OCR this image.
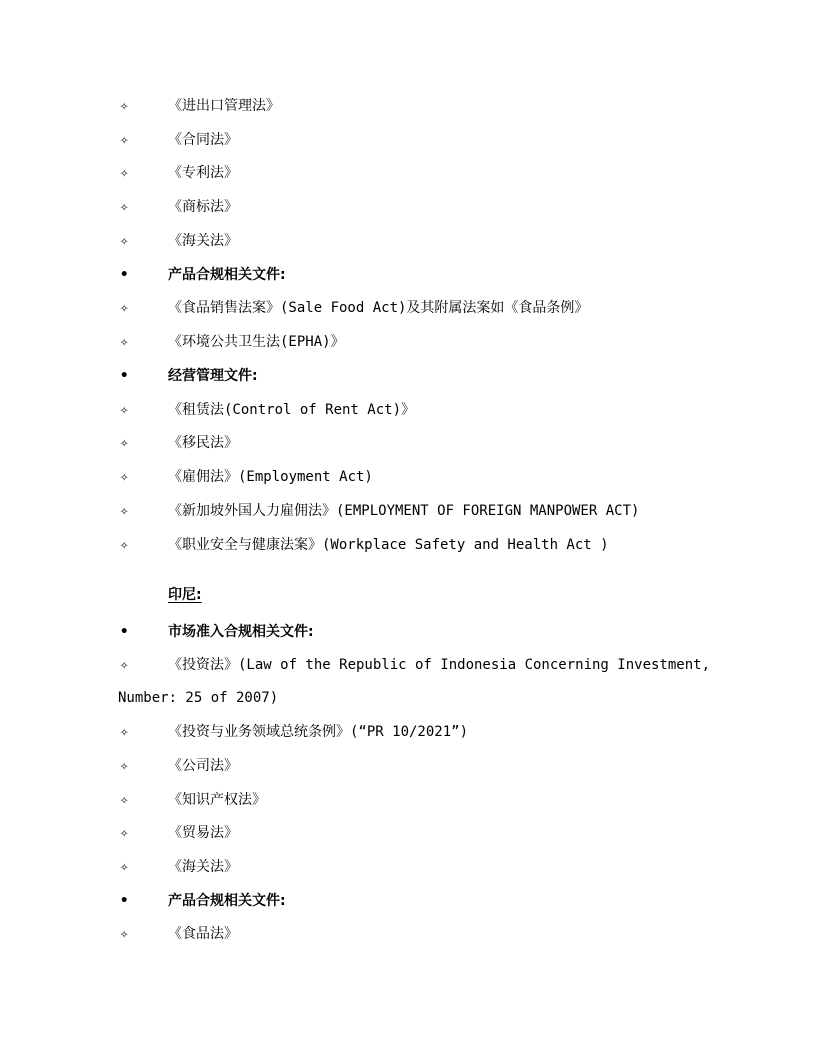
✧	《进出口管理法》
✧	《合同法》
✧	《专利法》
✧	《商标法》
✧	《海关法》
•	产品合规相关文件:
✧	《食品销售法案》(Sale Food Act)及其附属法案如《食品条例》
✧	《环境公共卫生法(EPHA)》
•	经营管理文件:
✧	《租赁法(Control of Rent Act)》
✧	《移民法》
✧	《雇佣法》(Employment Act)
✧	《新加坡外国人力雇佣法》(EMPLOYMENT OF FOREIGN MANPOWER ACT)
✧	《职业安全与健康法案》(Workplace Safety and Health Act )
印尼:
•	市场准入合规相关文件:
✧	《投资法》(Law of the Republic of Indonesia Concerning Investment,
Number: 25 of 2007)
✧	《投资与业务领域总统条例》(“PR 10/2021”)
✧	《公司法》
✧	《知识产权法》
✧	《贸易法》
✧	《海关法》
•	产品合规相关文件:
✧	《食品法》
